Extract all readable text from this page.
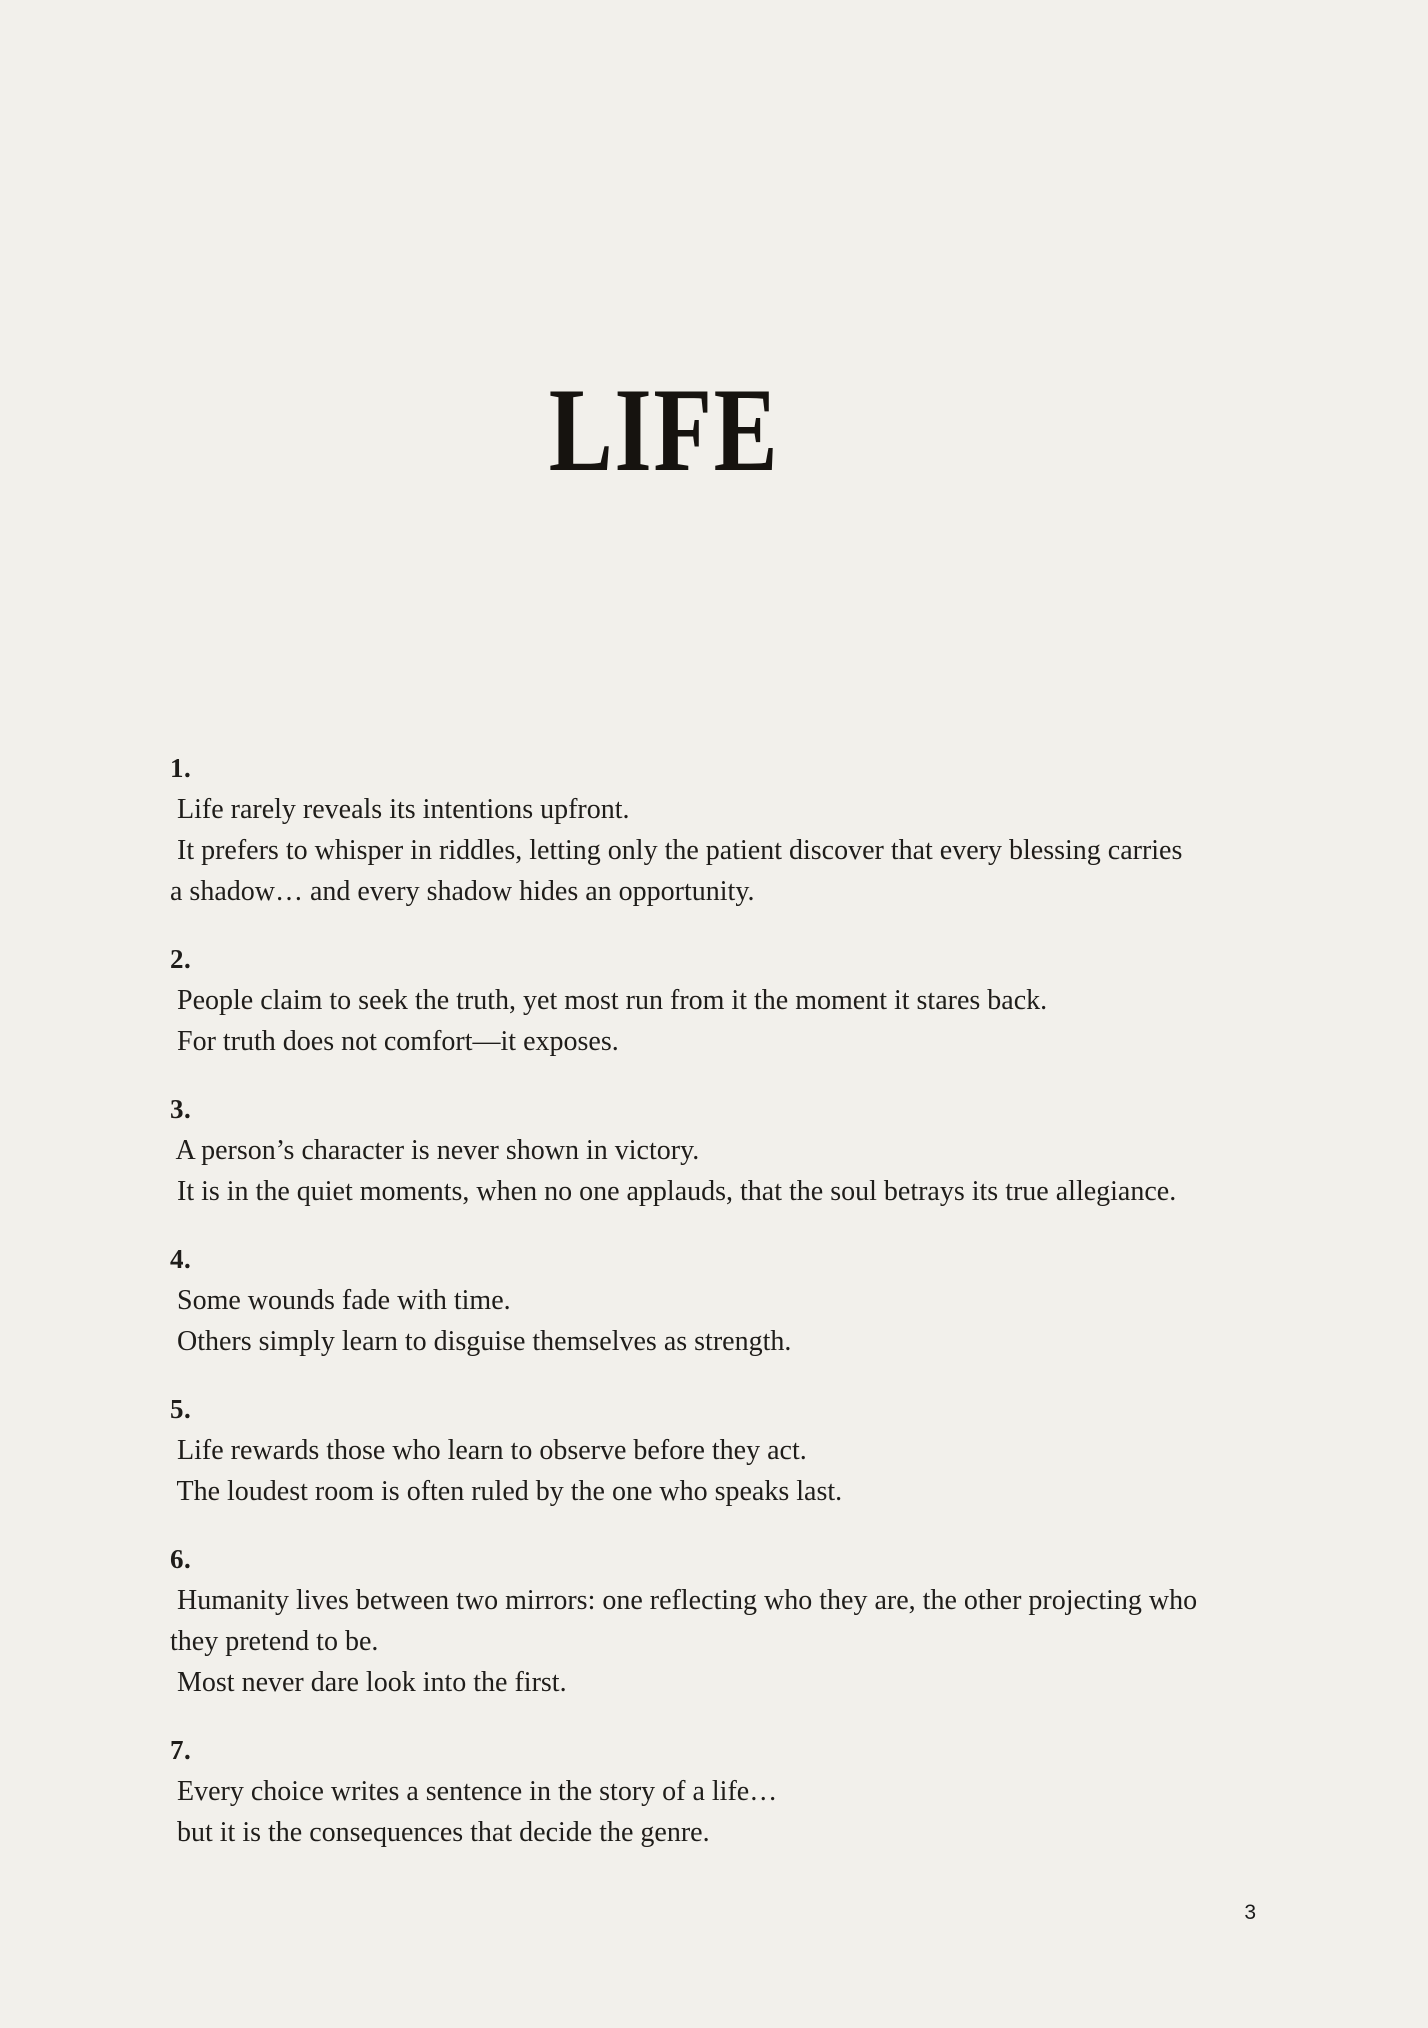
LIFE
1.
Life rarely reveals its intentions upfront.
It prefers to whisper in riddles, letting only the patient discover that every blessing carries
a shadow… and every shadow hides an opportunity.
2.
People claim to seek the truth, yet most run from it the moment it stares back.
For truth does not comfort—it exposes.
3.
A person’s character is never shown in victory.
It is in the quiet moments, when no one applauds, that the soul betrays its true allegiance.
4.
Some wounds fade with time.
Others simply learn to disguise themselves as strength.
5.
Life rewards those who learn to observe before they act.
The loudest room is often ruled by the one who speaks last.
6.
Humanity lives between two mirrors: one reflecting who they are, the other projecting who
they pretend to be.
Most never dare look into the first.
7.
Every choice writes a sentence in the story of a life…
but it is the consequences that decide the genre.
3
